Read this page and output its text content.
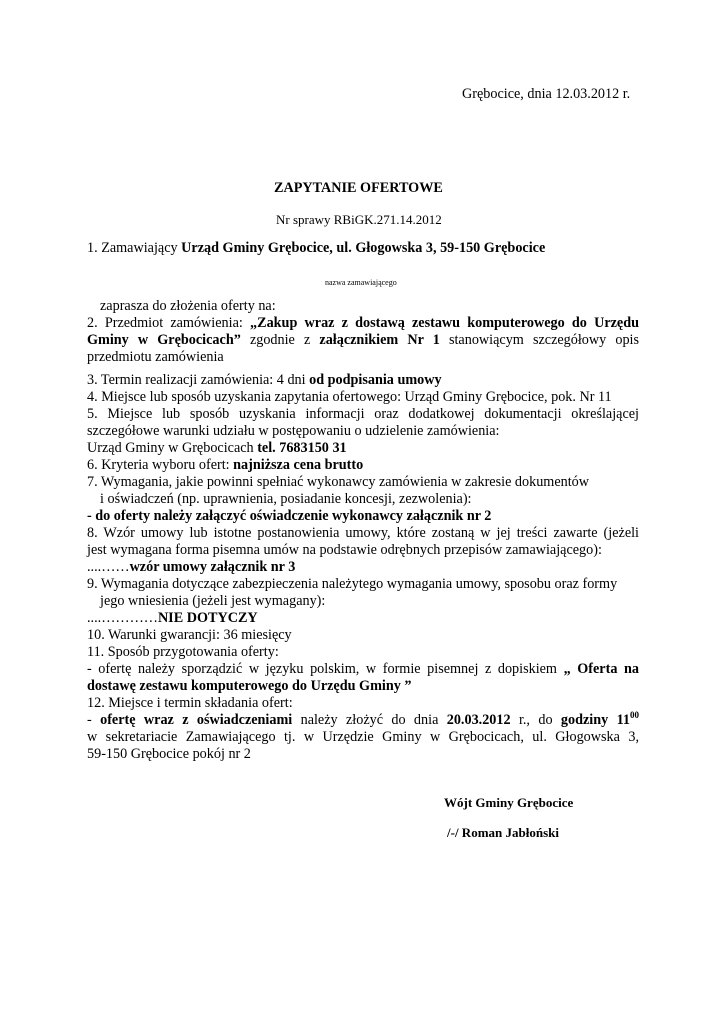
Grębocice, dnia 12.03.2012 r.
ZAPYTANIE OFERTOWE
Nr sprawy RBiGK.271.14.2012
1. Zamawiający Urząd Gminy Grębocice, ul. Głogowska 3, 59-150 Grębocice
nazwa zamawiającego
zaprasza do złożenia oferty na:
2. Przedmiot zamówienia: „Zakup wraz z dostawą zestawu komputerowego do Urzędu
Gminy w Grębocicach” zgodnie z załącznikiem Nr 1 stanowiącym szczegółowy opis
przedmiotu zamówienia
3. Termin realizacji zamówienia: 4 dni od podpisania umowy
4. Miejsce lub sposób uzyskania zapytania ofertowego: Urząd Gminy Grębocice, pok. Nr 11
5. Miejsce lub sposób uzyskania informacji oraz dodatkowej dokumentacji określającej
szczegółowe warunki udziału w postępowaniu o udzielenie zamówienia:
Urząd Gminy w Grębocicach tel. 7683150 31
6. Kryteria wyboru ofert: najniższa cena brutto
7. Wymagania, jakie powinni spełniać wykonawcy zamówienia w zakresie dokumentów
i oświadczeń (np. uprawnienia, posiadanie koncesji, zezwolenia):
- do oferty należy załączyć oświadczenie wykonawcy załącznik nr 2
8. Wzór umowy lub istotne postanowienia umowy, które zostaną w jej treści zawarte (jeżeli
jest wymagana forma pisemna umów na podstawie odrębnych przepisów zamawiającego):
....……wzór umowy załącznik nr 3
9. Wymagania dotyczące zabezpieczenia należytego wymagania umowy, sposobu oraz formy
jego wniesienia (jeżeli jest wymagany):
....…………NIE DOTYCZY
10. Warunki gwarancji: 36 miesięcy
11. Sposób przygotowania oferty:
- ofertę należy sporządzić w języku polskim, w formie pisemnej z dopiskiem „ Oferta na
dostawę zestawu komputerowego do Urzędu Gminy ”
12. Miejsce i termin składania ofert:
- ofertę wraz z oświadczeniami należy złożyć do dnia 20.03.2012 r., do godziny $11^{00}$
w sekretariacie Zamawiającego tj. w Urzędzie Gminy w Grębocicach, ul. Głogowska 3,
59-150 Grębocice pokój nr 2
Wójt Gminy Grębocice
/-/ Roman Jabłoński
